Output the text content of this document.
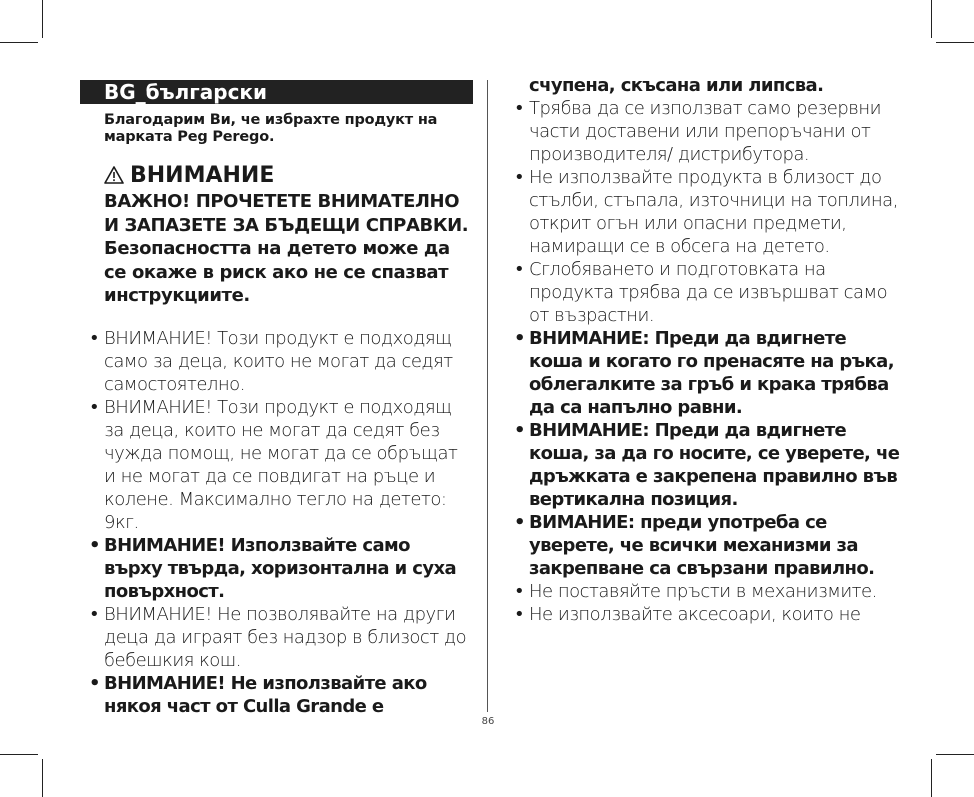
BG_български
Благодарим Ви, че избрахте продукт на марката Peg Perego.
ВНИМАНИЕ
ВАЖНО! ПРОЧЕТЕТЕ ВНИМАТЕЛНО И ЗАПАЗЕТЕ ЗА БЪДЕЩИ СПРАВКИ. Безопасността на детето може да се окаже в риск ако не се спазват инструкциите.
• ВНИМАНИЕ! Този продукт е подходящ само за деца, които не могат да седят самостоятелно.
• ВНИМАНИЕ! Този продукт е подходящ за деца, които не могат да седят без чужда помощ, не могат да се обръщат и не могат да се повдигат на ръце и колене. Максимално тегло на детето: 9кг.
• ВНИМАНИЕ! Използвайте само върху твърда, хоризонтална и суха повърхност.
• ВНИМАНИЕ! Не позволявайте на други деца да играят без надзор в близост до бебешкия кош.
• ВНИМАНИЕ! Не използвайте ако някоя част от Culla Grande е
счупена, скъсана или липсва.
• Трябва да се използват само резервни части доставени или препоръчани от производителя/ дистрибутора.
• Не използвайте продукта в близост до стълби, стъпала, източници на топлина, открит огън или опасни предмети, намиращи се в обсега на детето.
• Сглобяването и подготовката на продукта трябва да се извършват само от възрастни.
• ВНИМАНИЕ: Преди да вдигнете коша и когато го пренасяте на ръка, облегалките за гръб и крака трябва да са напълно равни.
• ВНИМАНИЕ: Преди да вдигнете коша, за да го носите, се уверете, че дръжката е закрепена правилно във вертикална позиция.
• ВИМАНИЕ: преди употреба се уверете, че всички механизми за закрепване са свързани правилно.
• Не поставяйте пръсти в механизмите.
• Не използвайте аксесоари, които не
86
